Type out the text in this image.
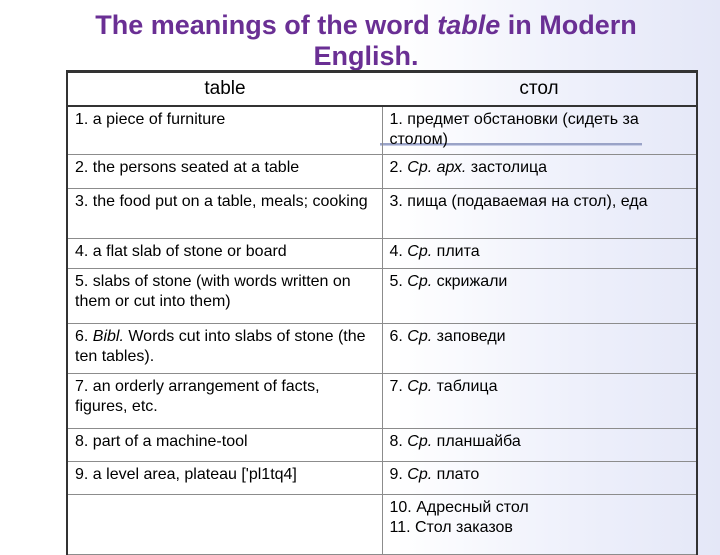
The meanings of the word table in Modern English.
table	стол
1. a piece of furniture	1. предмет обстановки (сидеть за столом)
2. the persons seated at a table	2. Cp. арх. застолица
3. the food put on a table, meals; cooking	3. пища (подаваемая на стол), еда
4. a flat slab of stone or board	4. Cp. плита
5. slabs of stone (with words written on them or cut into them)	5. Cp. скрижали
6. Bibl. Words cut into slabs of stone (the ten tables).	6. Cp. заповеди
7. an orderly arrangement of facts, figures, etc.	7. Cp. таблица
8. part of a machine-tool	8. Cp. планшайба
9. a level area, plateau ['pl1tq4]	9. Cp. плато
	10. Адресный стол
11. Стол заказов
